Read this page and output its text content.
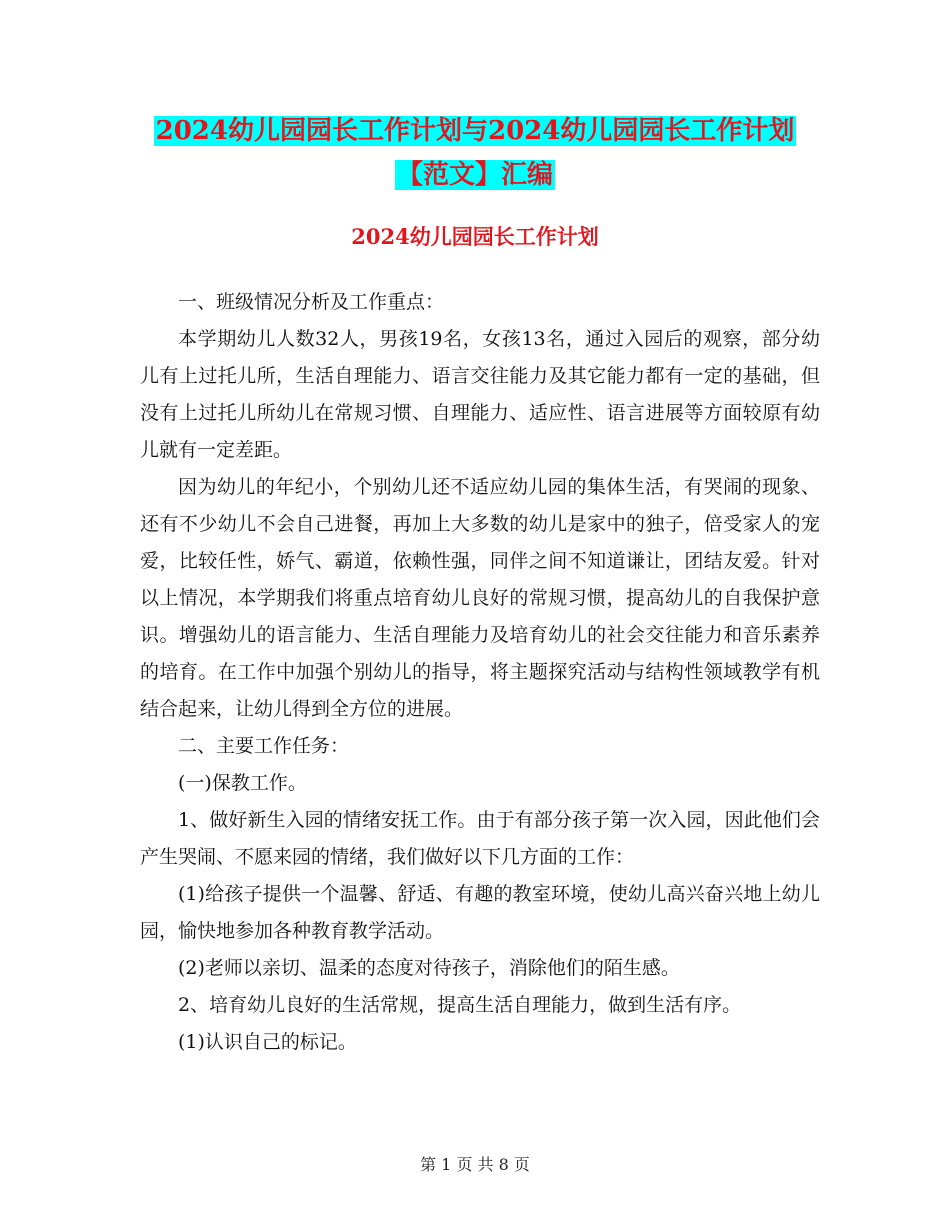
2024幼儿园园长工作计划与2024幼儿园园长工作计划
【范文】汇编
2024幼儿园园长工作计划

一、班级情况分析及工作重点：

本学期幼儿人数32人，男孩19名，女孩13名，通过入园后的观察，部分幼儿有上过托儿所，生活自理能力、语言交往能力及其它能力都有一定的基础，但没有上过托儿所幼儿在常规习惯、自理能力、适应性、语言进展等方面较原有幼儿就有一定差距。

因为幼儿的年纪小，个别幼儿还不适应幼儿园的集体生活，有哭闹的现象、还有不少幼儿不会自己进餐，再加上大多数的幼儿是家中的独子，倍受家人的宠爱，比较任性，娇气、霸道，依赖性强，同伴之间不知道谦让，团结友爱。针对以上情况，本学期我们将重点培育幼儿良好的常规习惯，提高幼儿的自我保护意识。增强幼儿的语言能力、生活自理能力及培育幼儿的社会交往能力和音乐素养的培育。在工作中加强个别幼儿的指导，将主题探究活动与结构性领域教学有机结合起来，让幼儿得到全方位的进展。

二、主要工作任务：

(一)保教工作。

1、做好新生入园的情绪安抚工作。由于有部分孩子第一次入园，因此他们会产生哭闹、不愿来园的情绪，我们做好以下几方面的工作：

(1)给孩子提供一个温馨、舒适、有趣的教室环境，使幼儿高兴奋兴地上幼儿园，愉快地参加各种教育教学活动。

(2)老师以亲切、温柔的态度对待孩子，消除他们的陌生感。

2、培育幼儿良好的生活常规，提高生活自理能力，做到生活有序。

(1)认识自己的标记。

第 1 页 共 8 页
